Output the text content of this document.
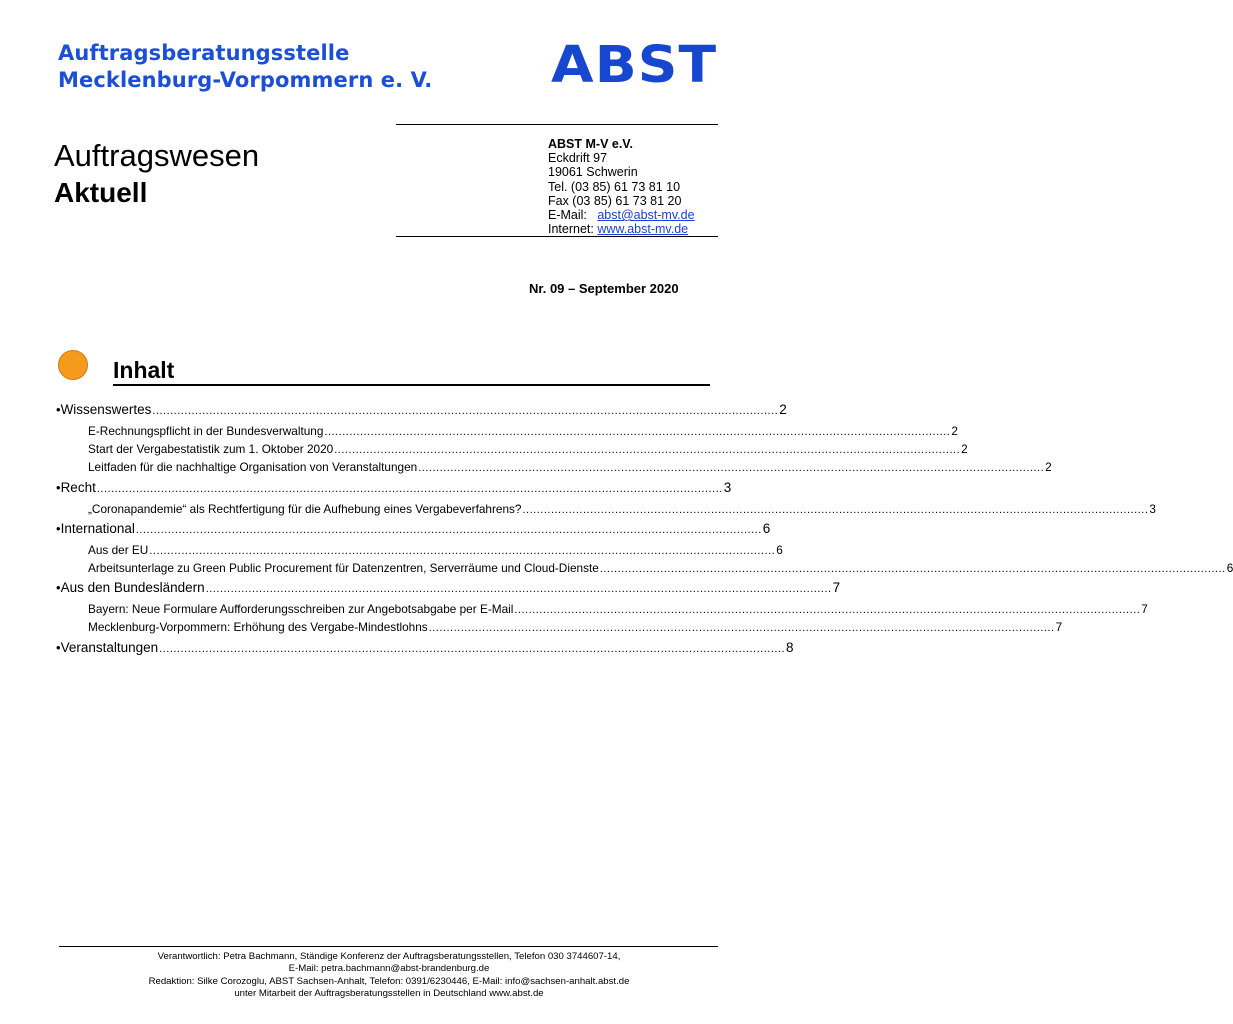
Auftragsberatungsstelle
Mecklenburg-Vorpommern e. V. ABST
Auftragswesen
Aktuell
ABST M-V e.V.
Eckdrift 97
19061 Schwerin
Tel. (03 85) 61 73 81 10
Fax (03 85) 61 73 81 20
E-Mail: abst@abst-mv.de
Internet: www.abst-mv.de
Nr. 09 – September 2020
Inhalt
• Wissenswertes ................................................................................................................................................................................ 2
E-Rechnungspflicht in der Bundesverwaltung ................................................................................................................................................................................ 2
Start der Vergabestatistik zum 1. Oktober 2020 ................................................................................................................................................................................ 2
Leitfaden für die nachhaltige Organisation von Veranstaltungen ................................................................................................................................................................................ 2
• Recht ................................................................................................................................................................................ 3
„Coronapandemie“ als Rechtfertigung für die Aufhebung eines Vergabeverfahrens? ................................................................................................................................................................................ 3
• International ................................................................................................................................................................................ 6
Aus der EU ................................................................................................................................................................................ 6
Arbeitsunterlage zu Green Public Procurement für Datenzentren, Serverräume und Cloud-Dienste ................................................................................................................................................................................ 6
• Aus den Bundesländern ................................................................................................................................................................................ 7
Bayern: Neue Formulare Aufforderungsschreiben zur Angebotsabgabe per E-Mail ................................................................................................................................................................................ 7
Mecklenburg-Vorpommern: Erhöhung des Vergabe-Mindestlohns ................................................................................................................................................................................ 7
• Veranstaltungen ................................................................................................................................................................................ 8
Verantwortlich: Petra Bachmann, Ständige Konferenz der Auftragsberatungsstellen, Telefon 030 3744607-14,
E-Mail: petra.bachmann@abst-brandenburg.de
Redaktion: Silke Corozoglu, ABST Sachsen-Anhalt, Telefon: 0391/6230446, E-Mail: info@sachsen-anhalt.abst.de
unter Mitarbeit der Auftragsberatungsstellen in Deutschland www.abst.de
